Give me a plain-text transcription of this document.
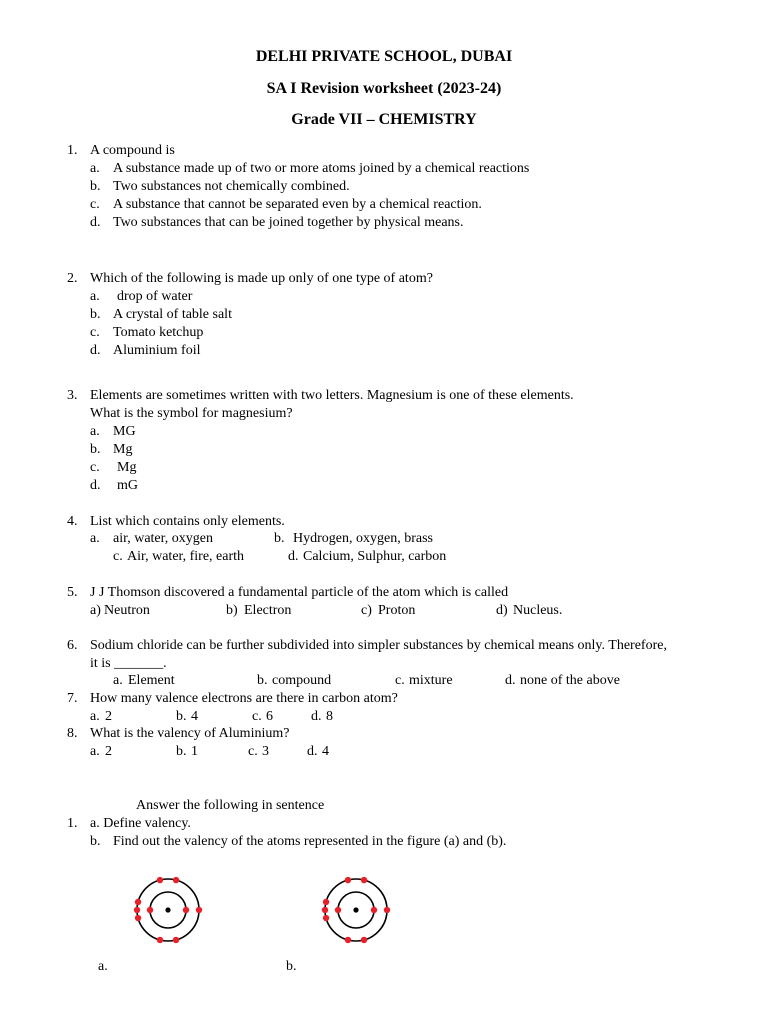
DELHI PRIVATE SCHOOL, DUBAI
SA I Revision worksheet (2023-24)
Grade VII – CHEMISTRY
1. A compound is
a. A substance made up of two or more atoms joined by a chemical reactions
b. Two substances not chemically combined.
c. A substance that cannot be separated even by a chemical reaction.
d. Two substances that can be joined together by physical means.
2. Which of the following is made up only of one type of atom?
a. drop of water
b. A crystal of table salt
c. Tomato ketchup
d. Aluminium foil
3. Elements are sometimes written with two letters. Magnesium is one of these elements.
What is the symbol for magnesium?
a. MG
b. Mg
c. Mg
d. mG
4. List which contains only elements.
a. air, water, oxygen	b. Hydrogen, oxygen, brass
c. Air, water, fire, earth	d. Calcium, Sulphur, carbon
5. J J Thomson discovered a fundamental particle of the atom which is called
a) Neutron	b) Electron	c) Proton	d) Nucleus.
6. Sodium chloride can be further subdivided into simpler substances by chemical means only. Therefore,
it is _______.
a. Element	b. compound	c. mixture	d. none of the above
7. How many valence electrons are there in carbon atom?
a. 2	b. 4	c. 6	d. 8
8. What is the valency of Aluminium?
a. 2	b. 1	c. 3	d. 4
Answer the following in sentence
1. a. Define valency.
b. Find out the valency of the atoms represented in the figure (a) and (b).
a.	b.
